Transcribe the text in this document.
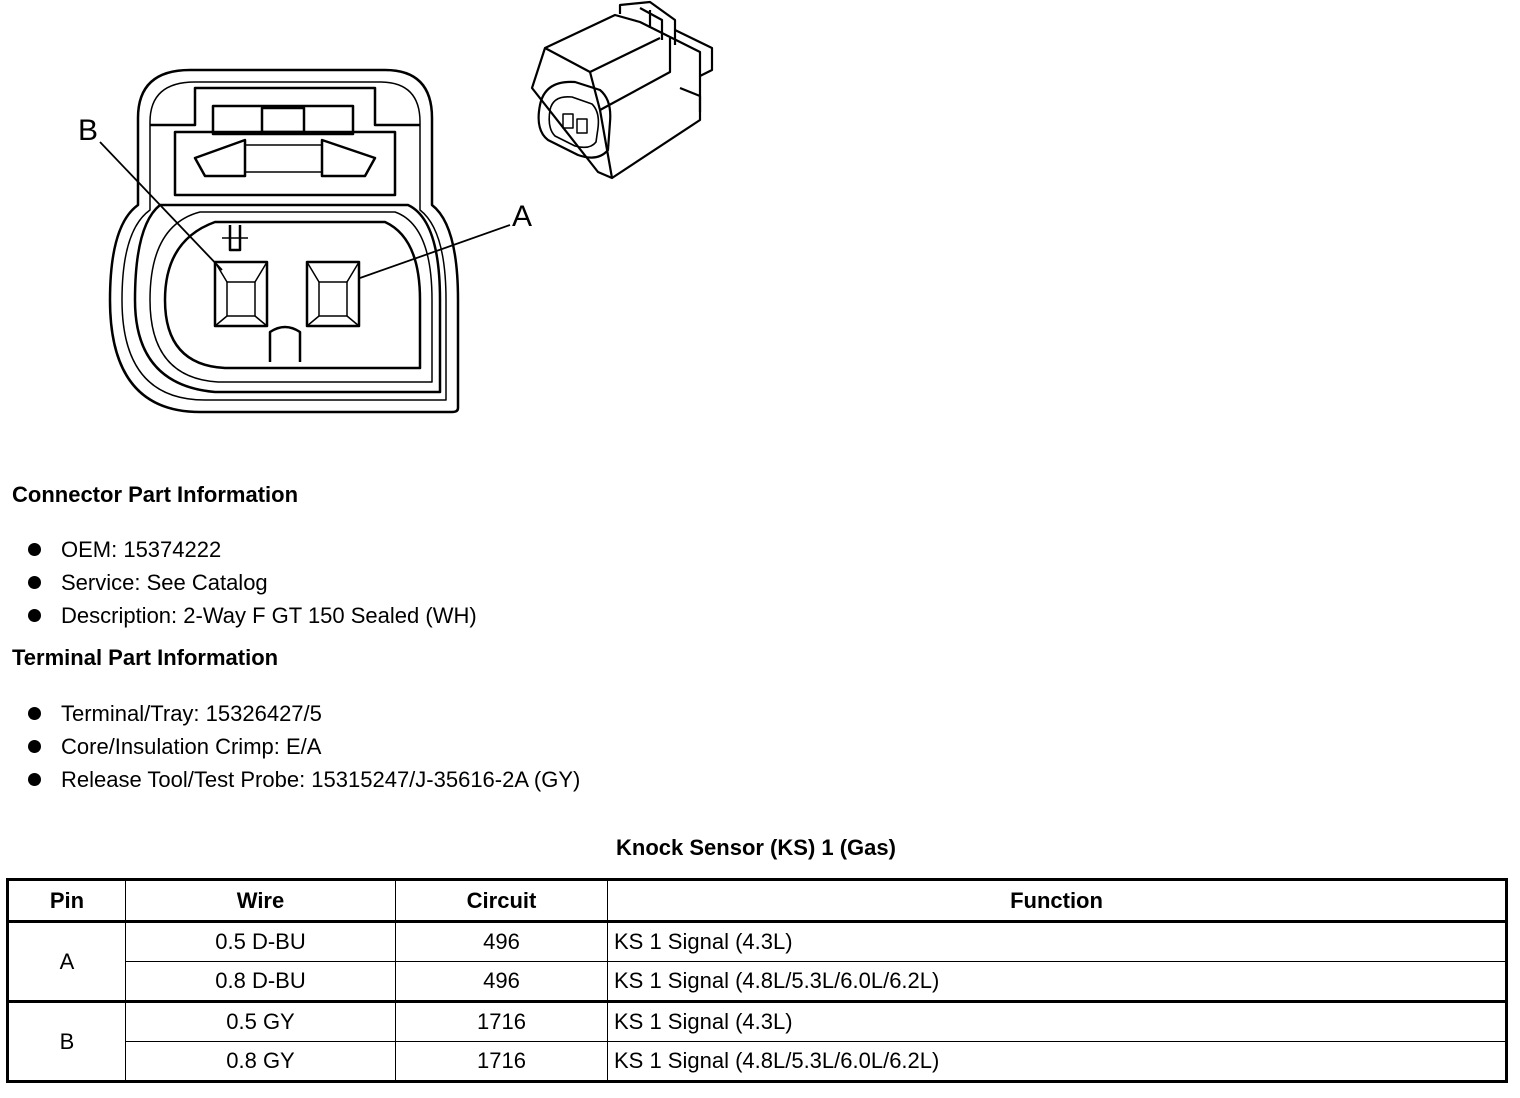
B
A
Connector Part Information
OEM: 15374222
Service: See Catalog
Description: 2-Way F GT 150 Sealed (WH)
Terminal Part Information
Terminal/Tray: 15326427/5
Core/Insulation Crimp: E/A
Release Tool/Test Probe: 15315247/J-35616-2A (GY)
Knock Sensor (KS) 1 (Gas)
Pin	Wire	Circuit	Function
A	0.5 D-BU	496	KS 1 Signal (4.3L)
	0.8 D-BU	496	KS 1 Signal (4.8L/5.3L/6.0L/6.2L)
B	0.5 GY	1716	KS 1 Signal (4.3L)
	0.8 GY	1716	KS 1 Signal (4.8L/5.3L/6.0L/6.2L)
